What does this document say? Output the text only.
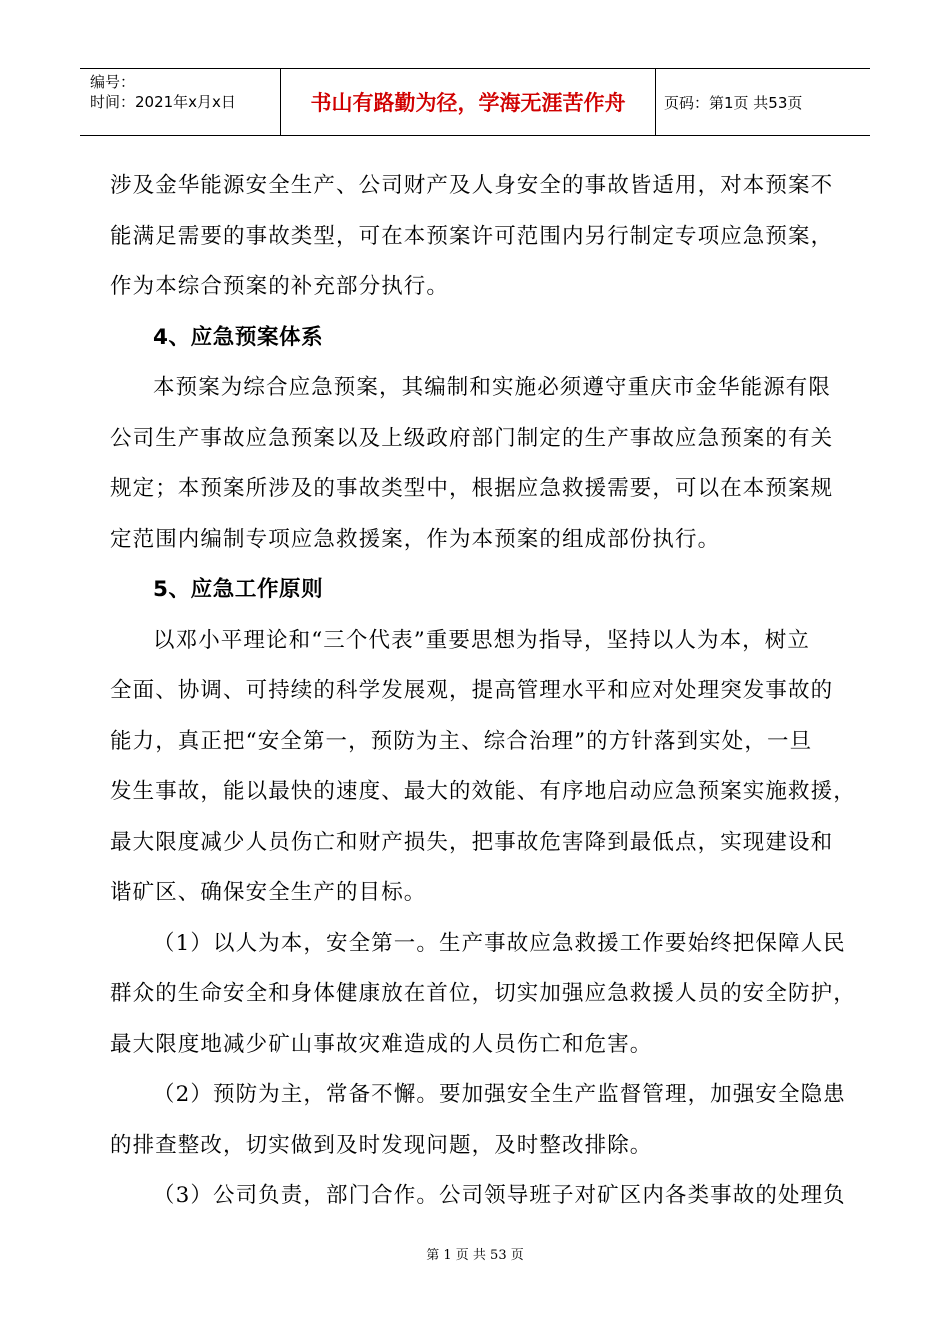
编号：
时间：2021年x月x日	书山有路勤为径，学海无涯苦作舟	页码：第1页 共53页
涉及金华能源安全生产、公司财产及人身安全的事故皆适用，对本预案不
能满足需要的事故类型，可在本预案许可范围内另行制定专项应急预案，
作为本综合预案的补充部分执行。
4、应急预案体系
本预案为综合应急预案，其编制和实施必须遵守重庆市金华能源有限
公司生产事故应急预案以及上级政府部门制定的生产事故应急预案的有关
规定；本预案所涉及的事故类型中，根据应急救援需要，可以在本预案规
定范围内编制专项应急救援案，作为本预案的组成部份执行。
5、应急工作原则
以邓小平理论和“三个代表”重要思想为指导，坚持以人为本，树立
全面、协调、可持续的科学发展观，提高管理水平和应对处理突发事故的
能力，真正把“安全第一，预防为主、综合治理”的方针落到实处，一旦
发生事故，能以最快的速度、最大的效能、有序地启动应急预案实施救援，
最大限度减少人员伤亡和财产损失，把事故危害降到最低点，实现建设和
谐矿区、确保安全生产的目标。
（1）以人为本，安全第一。生产事故应急救援工作要始终把保障人民
群众的生命安全和身体健康放在首位，切实加强应急救援人员的安全防护，
最大限度地减少矿山事故灾难造成的人员伤亡和危害。
（2）预防为主，常备不懈。要加强安全生产监督管理，加强安全隐患
的排查整改，切实做到及时发现问题，及时整改排除。
（3）公司负责，部门合作。公司领导班子对矿区内各类事故的处理负
第 1 页 共 53 页
